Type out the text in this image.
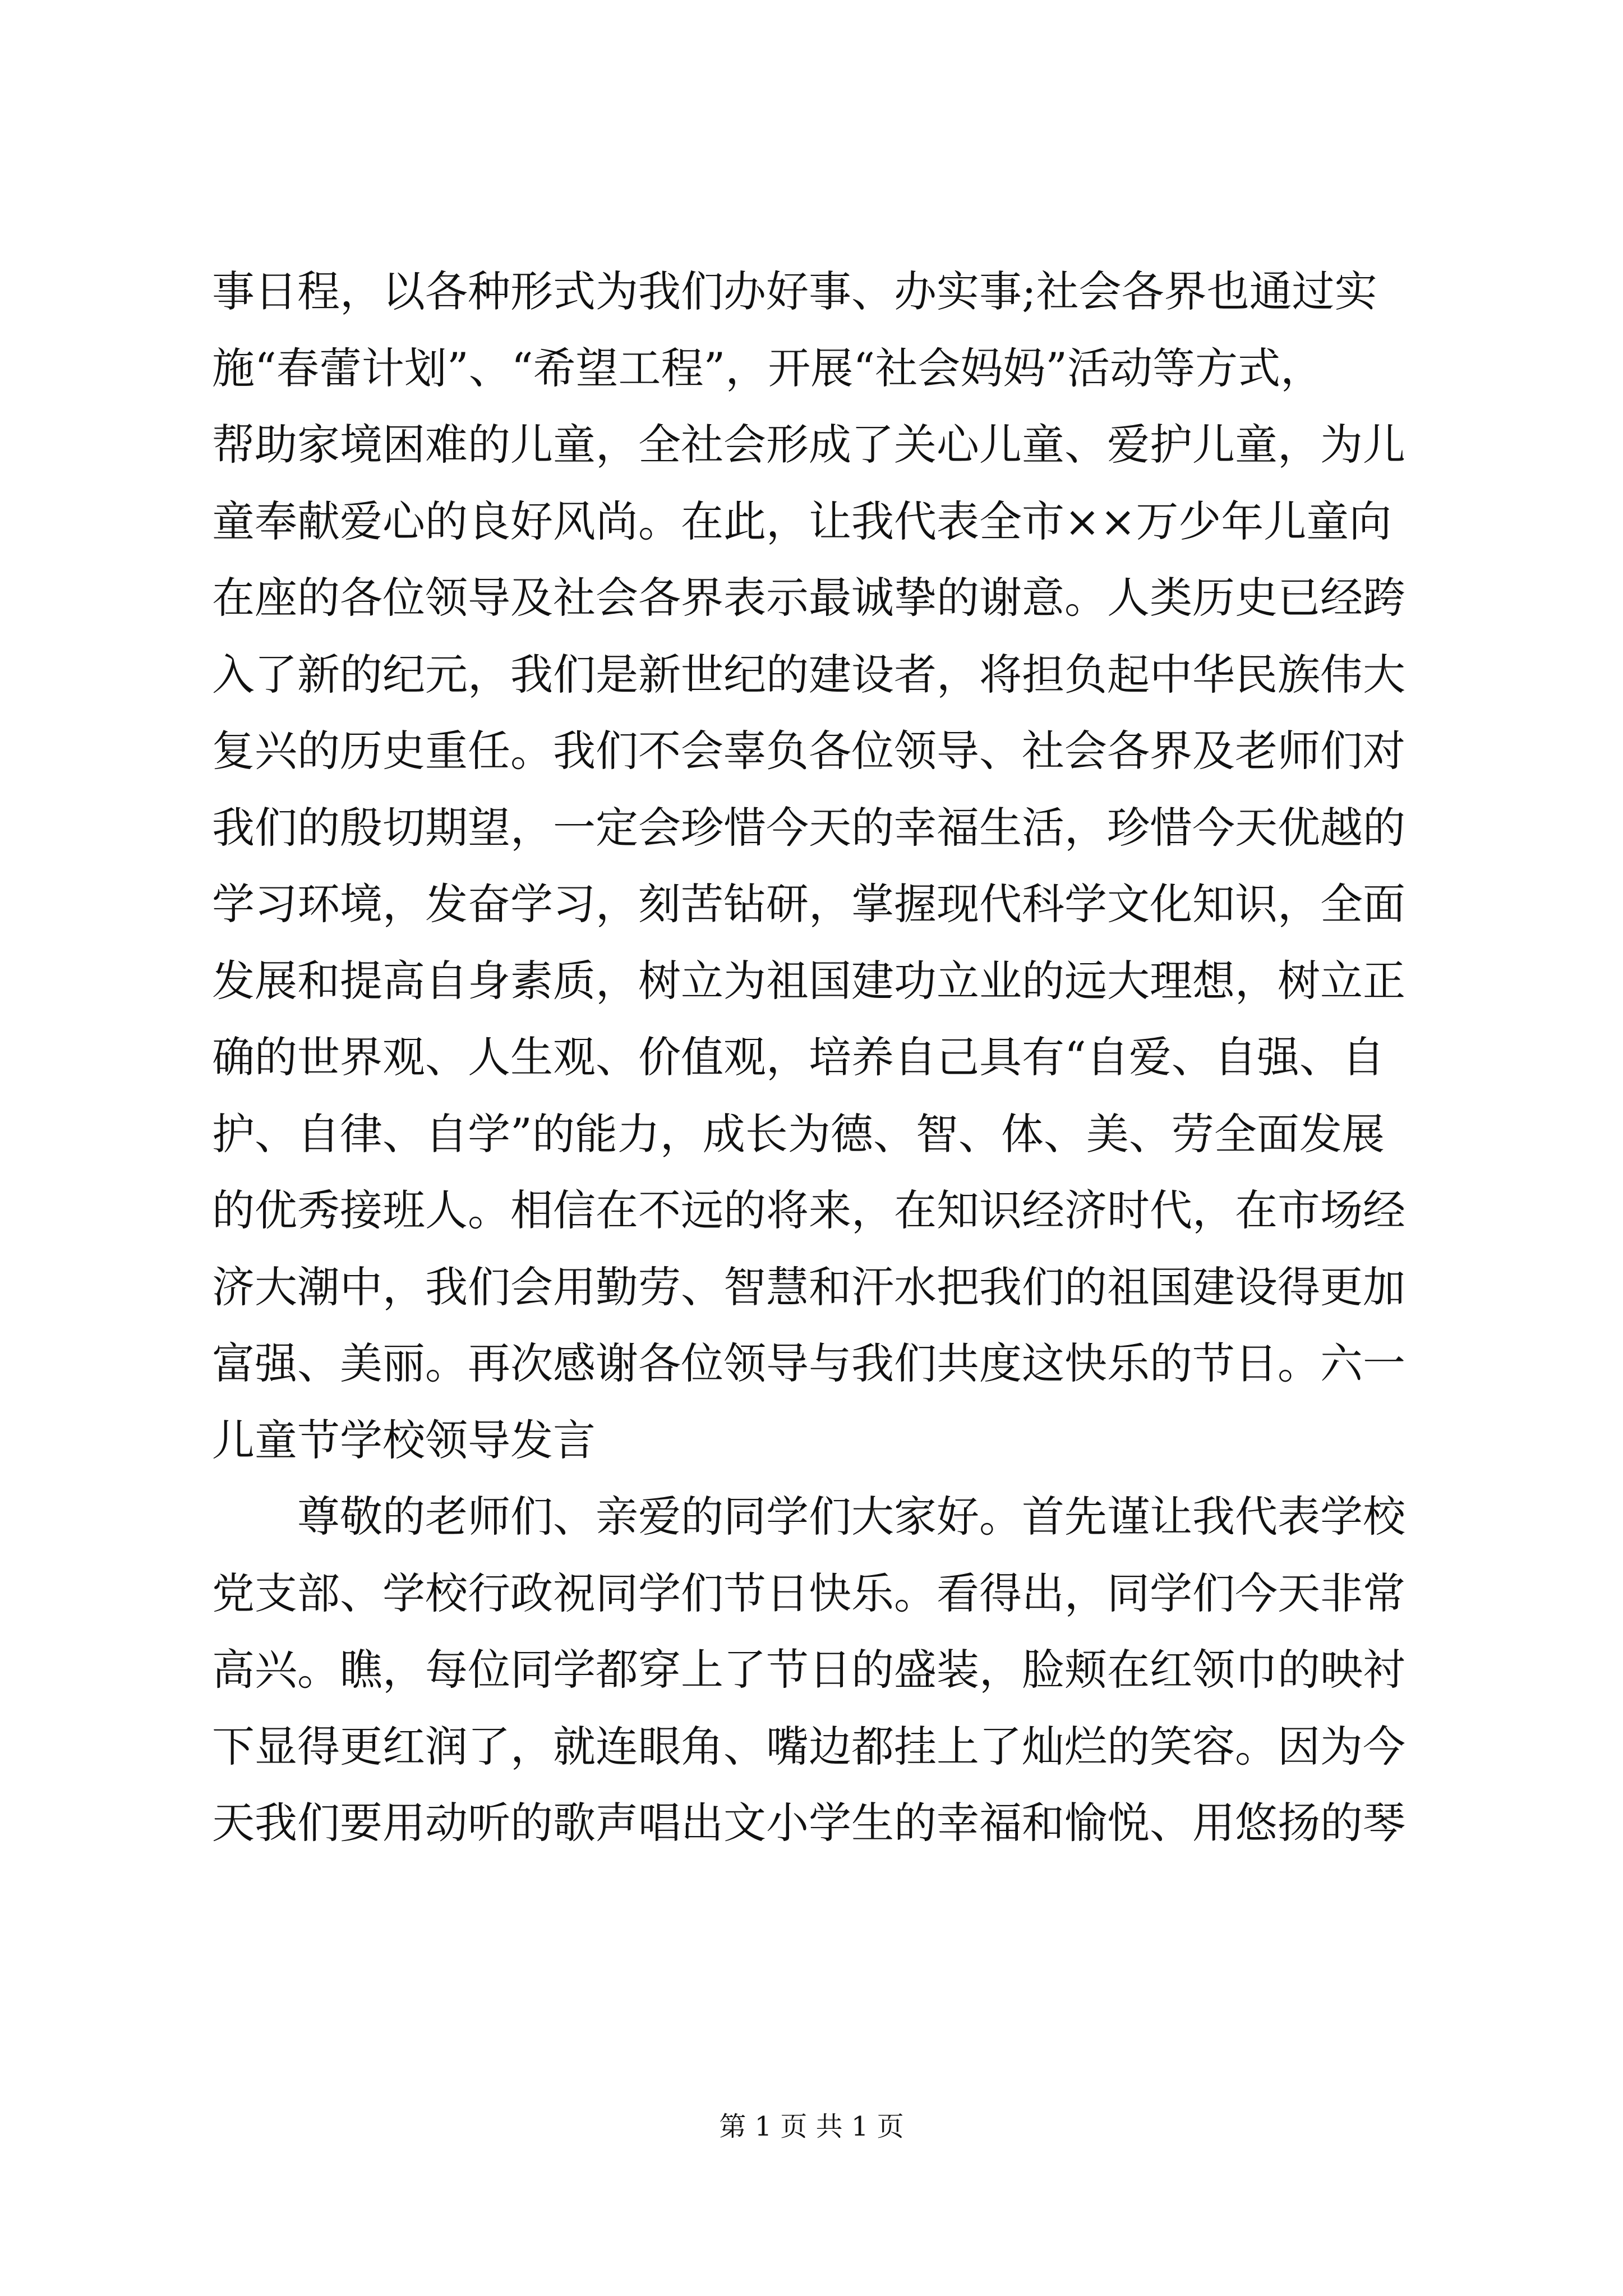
事日程，以各种形式为我们办好事、办实事;社会各界也通过实
施“春蕾计划”、“希望工程”，开展“社会妈妈”活动等方式，
帮助家境困难的儿童，全社会形成了关心儿童、爱护儿童，为儿
童奉献爱心的良好风尚。在此，让我代表全市××万少年儿童向
在座的各位领导及社会各界表示最诚挚的谢意。人类历史已经跨
入了新的纪元，我们是新世纪的建设者，将担负起中华民族伟大
复兴的历史重任。我们不会辜负各位领导、社会各界及老师们对
我们的殷切期望，一定会珍惜今天的幸福生活，珍惜今天优越的
学习环境，发奋学习，刻苦钻研，掌握现代科学文化知识，全面
发展和提高自身素质，树立为祖国建功立业的远大理想，树立正
确的世界观、人生观、价值观，培养自己具有“自爱、自强、自
护、自律、自学”的能力，成长为德、智、体、美、劳全面发展
的优秀接班人。相信在不远的将来，在知识经济时代，在市场经
济大潮中，我们会用勤劳、智慧和汗水把我们的祖国建设得更加
富强、美丽。再次感谢各位领导与我们共度这快乐的节日。六一
儿童节学校领导发言
　　尊敬的老师们、亲爱的同学们大家好。首先谨让我代表学校
党支部、学校行政祝同学们节日快乐。看得出，同学们今天非常
高兴。瞧，每位同学都穿上了节日的盛装，脸颊在红领巾的映衬
下显得更红润了，就连眼角、嘴边都挂上了灿烂的笑容。因为今
天我们要用动听的歌声唱出文小学生的幸福和愉悦、用悠扬的琴
第 1 页 共 1 页
